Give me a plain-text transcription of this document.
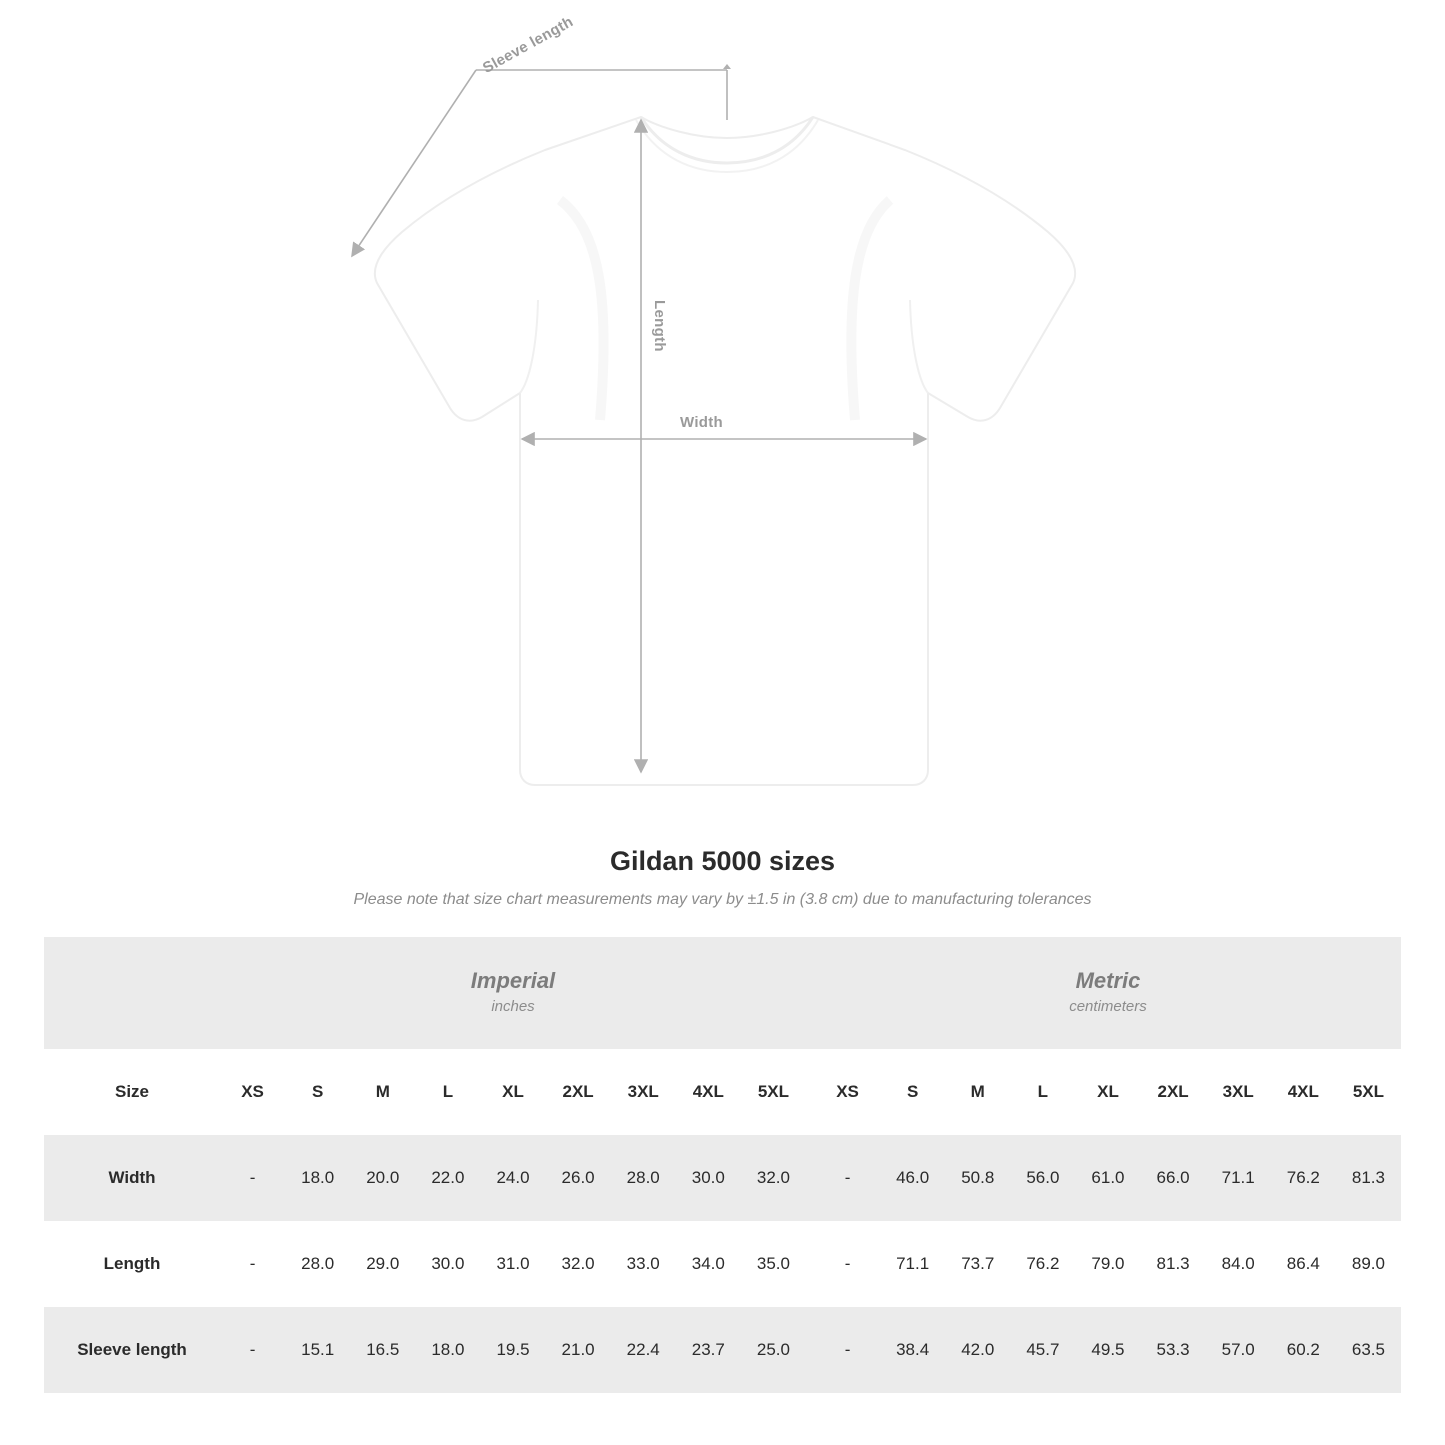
Sleeve length
Length
Width
Gildan 5000 sizes

Please note that size chart measurements may vary by ±1.5 in (3.8 cm) due to manufacturing tolerances

Imperial
inches

Metric
centimeters

Size	XS	S	M	L	XL	2XL	3XL	4XL	5XL		XS	S	M	L	XL	2XL	3XL	4XL	5XL
Width	-	18.0	20.0	22.0	24.0	26.0	28.0	30.0	32.0		-	46.0	50.8	56.0	61.0	66.0	71.1	76.2	81.3
Length	-	28.0	29.0	30.0	31.0	32.0	33.0	34.0	35.0		-	71.1	73.7	76.2	79.0	81.3	84.0	86.4	89.0
Sleeve length	-	15.1	16.5	18.0	19.5	21.0	22.4	23.7	25.0		-	38.4	42.0	45.7	49.5	53.3	57.0	60.2	63.5
